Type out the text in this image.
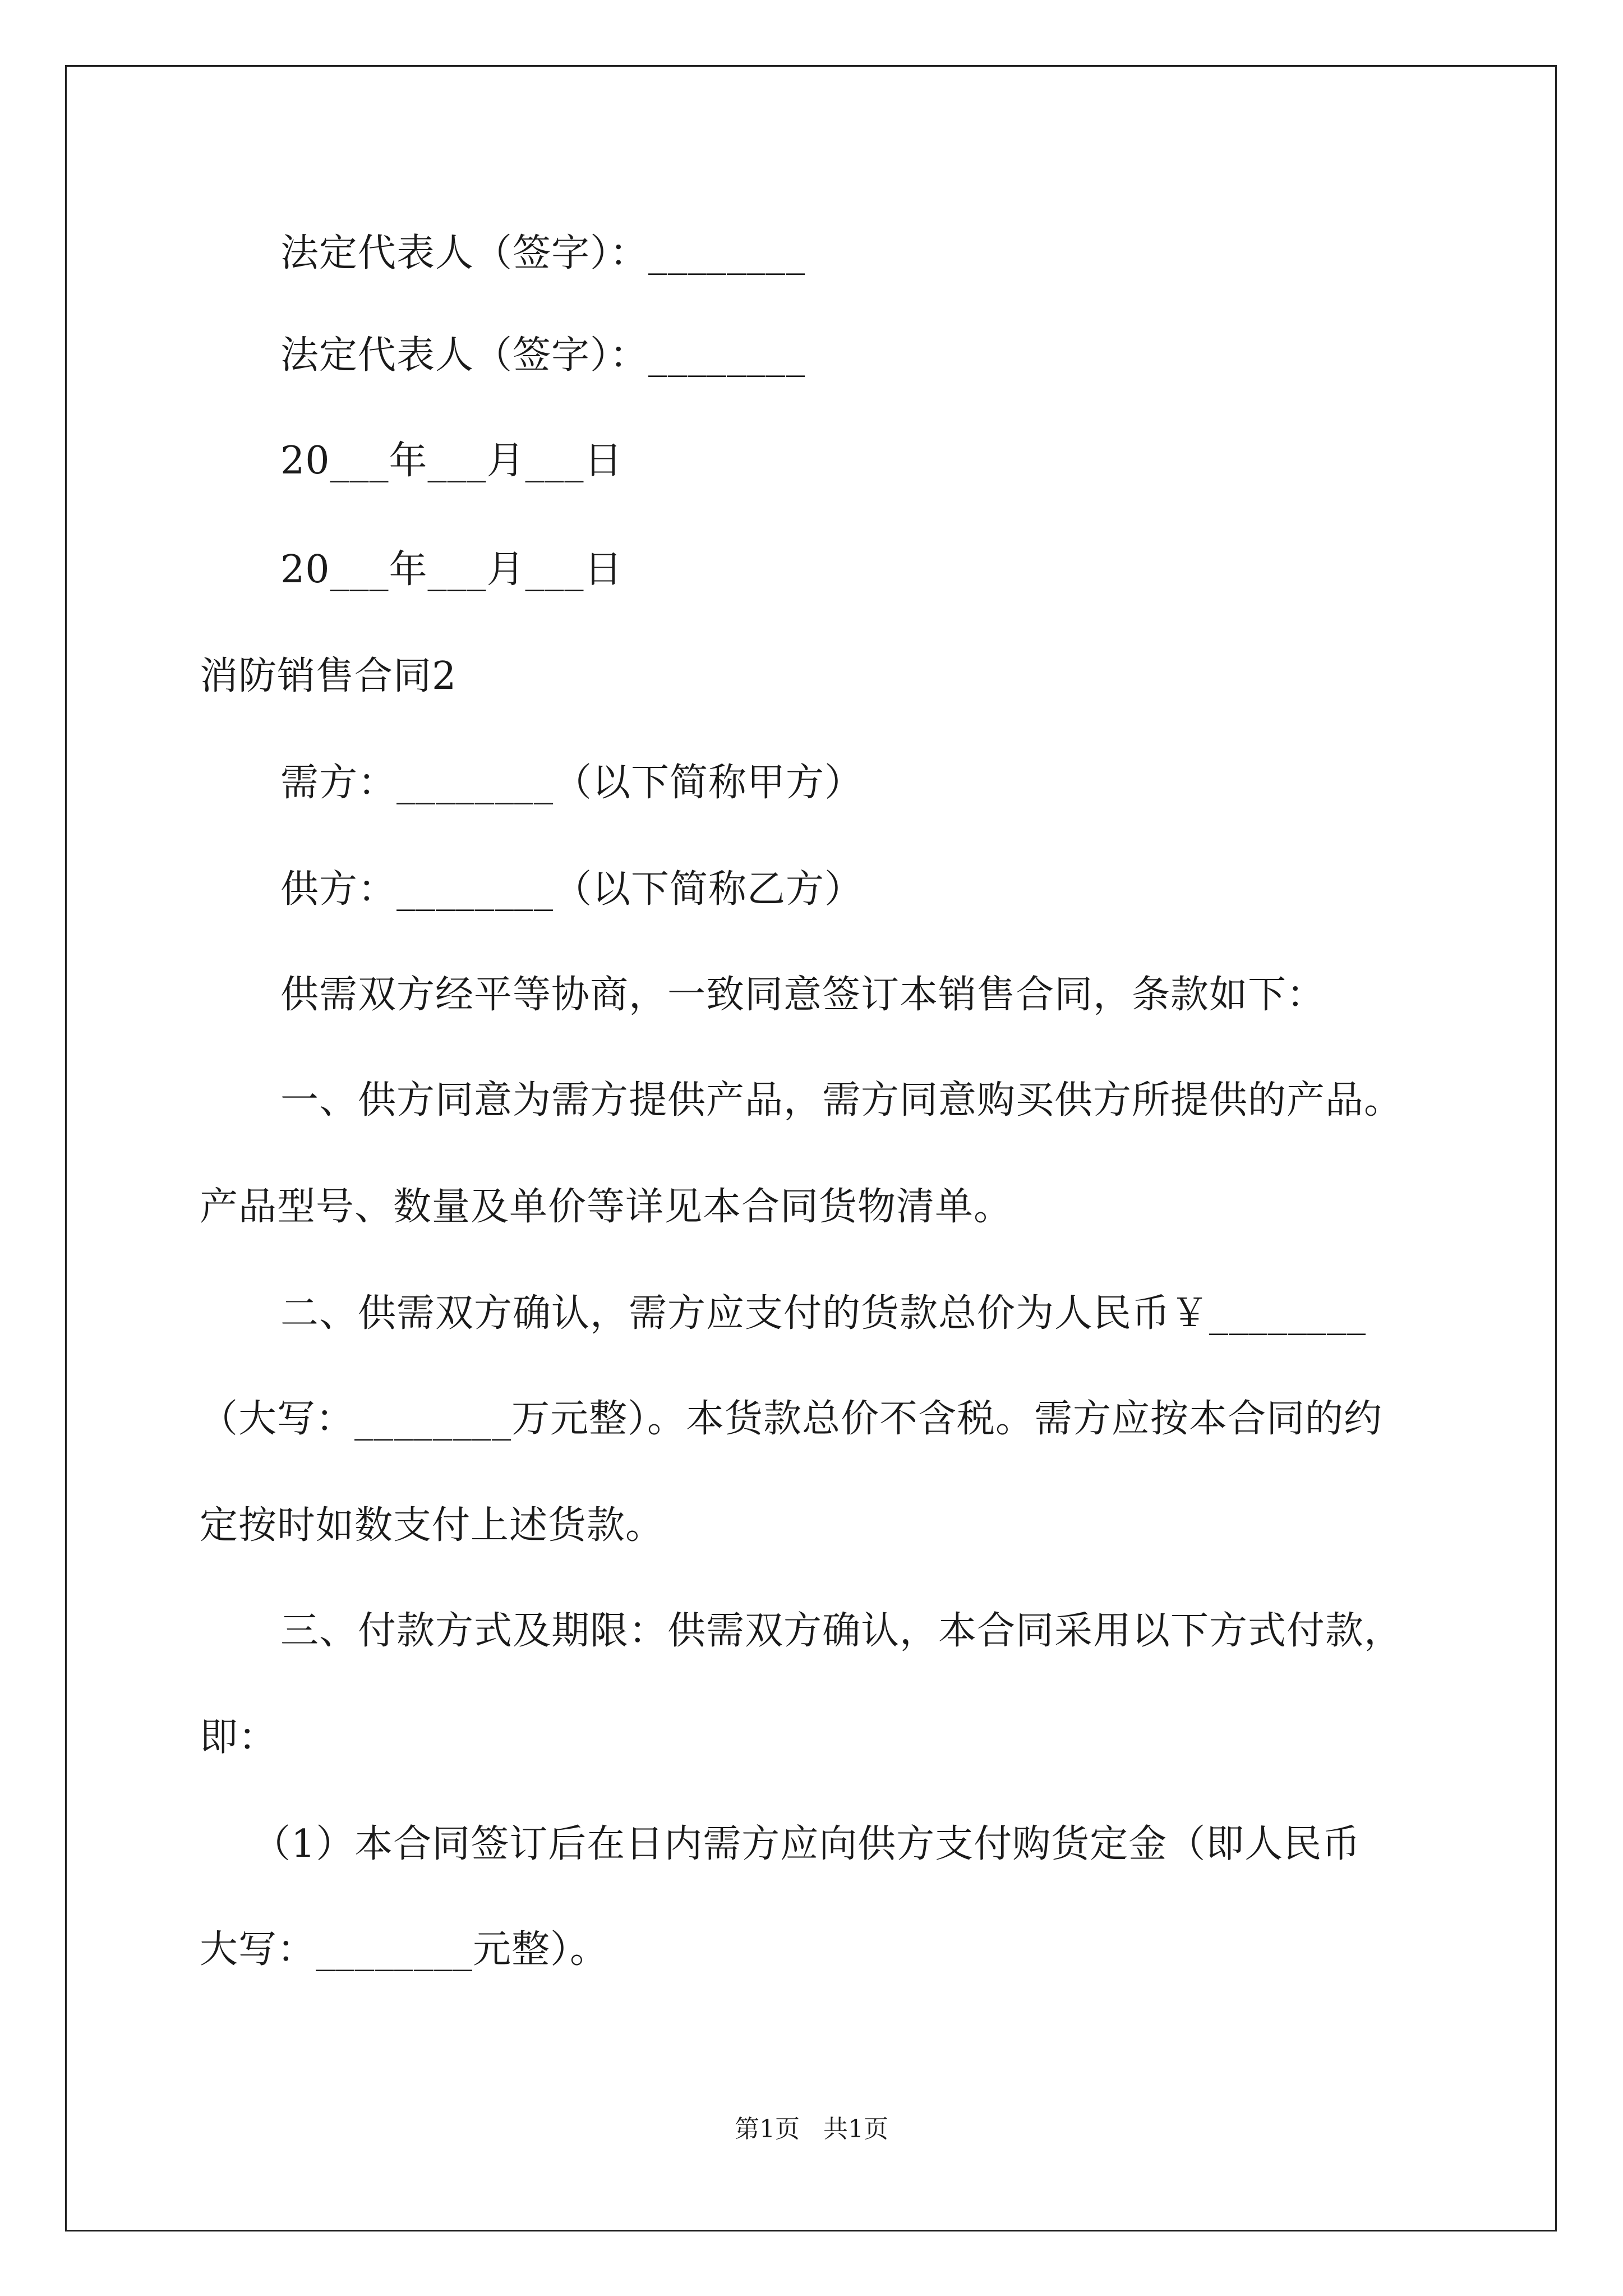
法定代表人（签字）：________
法定代表人（签字）：________
20___年___月___日
20___年___月___日
消防销售合同2
需方：________（以下简称甲方）
供方：________（以下简称乙方）
供需双方经平等协商，一致同意签订本销售合同，条款如下：
一、供方同意为需方提供产品，需方同意购买供方所提供的产品。
产品型号、数量及单价等详见本合同货物清单。
二、供需双方确认，需方应支付的货款总价为人民币￥________
（大写：________万元整）。本货款总价不含税。需方应按本合同的约
定按时如数支付上述货款。
三、付款方式及期限：供需双方确认，本合同采用以下方式付款，
即：
（1）本合同签订后在日内需方应向供方支付购货定金（即人民币
大写：________元整）。
第1页   共1页
